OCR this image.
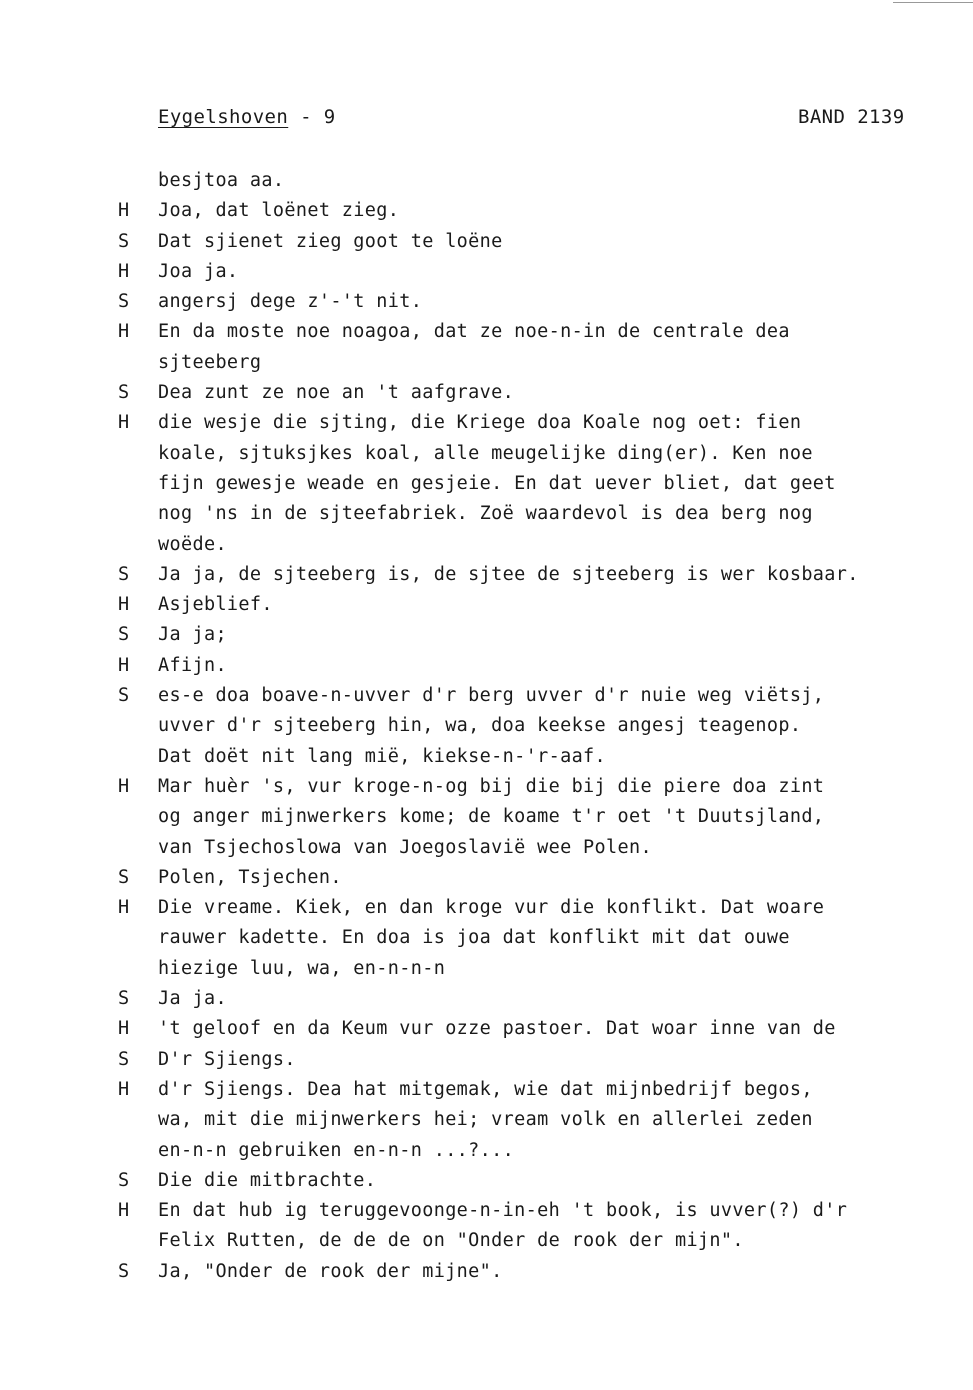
Eygelshoven - 9	BAND 2139
besjtoa aa.
H Joa, dat loënet zieg.
S Dat sjienet zieg goot te loëne
H Joa ja.
S angersj dege z'-'t nit.
H En da moste noe noagoa, dat ze noe-n-in de centrale dea
sjteeberg
S Dea zunt ze noe an 't aafgrave.
H die wesje die sjting, die Kriege doa Koale nog oet: fien
koale, sjtuksjkes koal, alle meugelijke ding(er). Ken noe
fijn gewesje weade en gesjeie. En dat uever bliet, dat geet
nog 'ns in de sjteefabriek. Zoë waardevol is dea berg nog
woëde.
S Ja ja, de sjteeberg is, de sjtee de sjteeberg is wer kosbaar.
H Asjeblief.
S Ja ja;
H Afijn.
S es-e doa boave-n-uvver d'r berg uvver d'r nuie weg viëtsj,
uvver d'r sjteeberg hin, wa, doa keekse angesj teagenop.
Dat doët nit lang mië, kiekse-n-'r-aaf.
H Mar huèr 's, vur kroge-n-og bij die bij die piere doa zint
og anger mijnwerkers kome; de koame t'r oet 't Duutsjland,
van Tsjechoslowa van Joegoslavië wee Polen.
S Polen, Tsjechen.
H Die vreame. Kiek, en dan kroge vur die konflikt. Dat woare
rauwer kadette. En doa is joa dat konflikt mit dat ouwe
hiezige luu, wa, en-n-n-n
S Ja ja.
H 't geloof en da Keum vur ozze pastoer. Dat woar inne van de
S D'r Sjiengs.
H d'r Sjiengs. Dea hat mitgemak, wie dat mijnbedrijf begos,
wa, mit die mijnwerkers hei; vream volk en allerlei zeden
en-n-n gebruiken en-n-n ...?...
S Die die mitbrachte.
H En dat hub ig teruggevoonge-n-in-eh 't book, is uvver(?) d'r
Felix Rutten, de de de on "Onder de rook der mijn".
S Ja, "Onder de rook der mijne".
